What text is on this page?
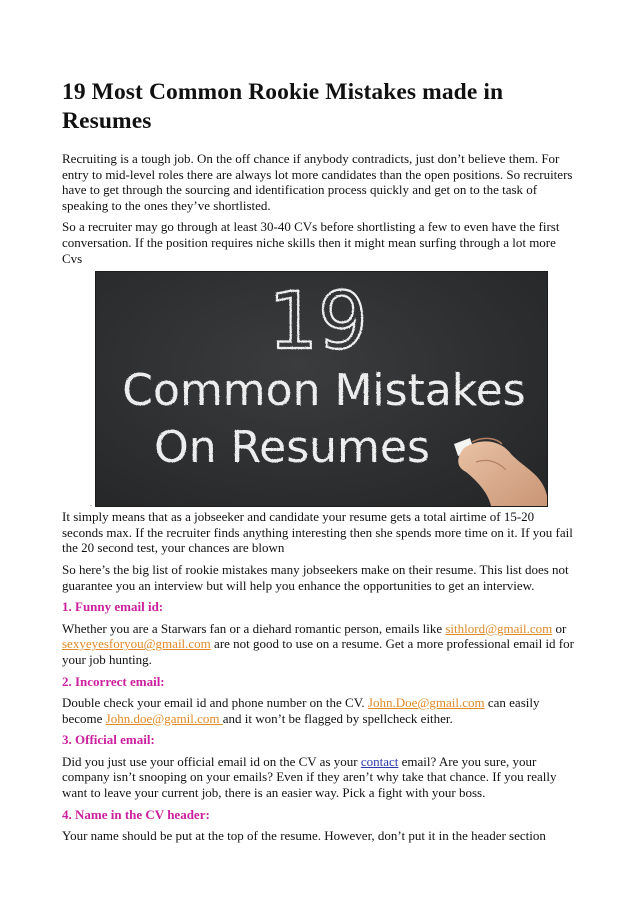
19 Most Common Rookie Mistakes made in Resumes

Recruiting is a tough job. On the off chance if anybody contradicts, just don’t believe them. For entry to mid-level roles there are always lot more candidates than the open positions. So recruiters have to get through the sourcing and identification process quickly and get on to the task of speaking to the ones they’ve shortlisted.

So a recruiter may go through at least 30-40 CVs before shortlisting a few to even have the first conversation. If the position requires niche skills then it might mean surfing through a lot more Cvs

.
19
Common Mistakes
On Resumes

It simply means that as a jobseeker and candidate your resume gets a total airtime of 15-20 seconds max. If the recruiter finds anything interesting then she spends more time on it. If you fail the 20 second test, your chances are blown

So here’s the big list of rookie mistakes many jobseekers make on their resume. This list does not guarantee you an interview but will help you enhance the opportunities to get an interview.

1. Funny email id:

Whether you are a Starwars fan or a diehard romantic person, emails like sithlord@gmail.com or sexyeyesforyou@gmail.com are not good to use on a resume. Get a more professional email id for your job hunting.

2. Incorrect email:

Double check your email id and phone number on the CV. John.Doe@gmail.com can easily become John.doe@gamil.com and it won’t be flagged by spellcheck either.

3. Official email:

Did you just use your official email id on the CV as your contact email? Are you sure, your company isn’t snooping on your emails? Even if they aren’t why take that chance. If you really want to leave your current job, there is an easier way. Pick a fight with your boss.

4. Name in the CV header:

Your name should be put at the top of the resume. However, don’t put it in the header section
